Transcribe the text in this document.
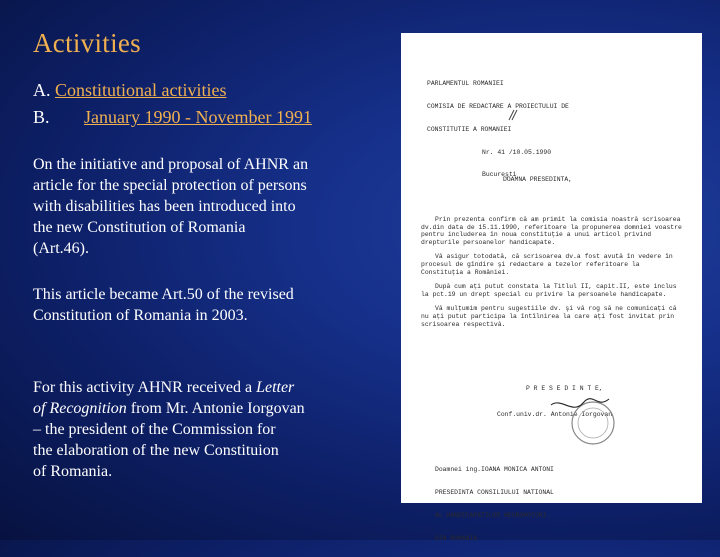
Activities
A. Constitutional activities
B. January 1990 - November 1991

On the initiative and proposal of AHNR an
article for the special protection of persons
with disabilities has been introduced into
the new Constitution of Romania
(Art.46).

This article became Art.50 of the revised
Constitution of Romania in 2003.

For this activity AHNR received a Letter
of Recognition from Mr. Antonie Iorgovan
– the president of the Commission for
the elaboration of the new Constituion
of Romania.

PARLAMENTUL ROMANIEI

COMISIA DE REDACTARE A PROIECTULUI DE

CONSTITUTIE A ROMANIEI

Nr. 41 /10.05.1990

Bucureşti

DOAMNA PRESEDINTA,
Prin prezenta confirm că am primit la comisia noastră scrisoarea dv.din data de 15.11.1990, referitoare la propunerea domniei voastre pentru includerea în noua constituţie a unui articol privind drepturile persoanelor handicapate.
Vă asigur totodată, că scrisoarea dv.a fost avută în vedere în procesul de gîndire şi redactare a tezelor referitoare la Constituţia a României.
După cum aţi putut constata la Titlul II, capit.II, este inclus la pct.19 un drept special cu privire la persoanele handicapate.
Vă mulţumim pentru sugestiile dv. şi vă rog să ne comunicaţi că nu aţi putut participa la întîlnirea la care aţi fost invitat prin scrisoarea respectivă.
P R E S E D I N T E,
Conf.univ.dr. Antonie Iorgovan

Doamnei ing.IOANA MONICA ANTONI

PRESEDINTA CONSILIULUI NATIONAL

AL HANDICAPATILOR NEUROMOTORI

DIN ROMANIA
